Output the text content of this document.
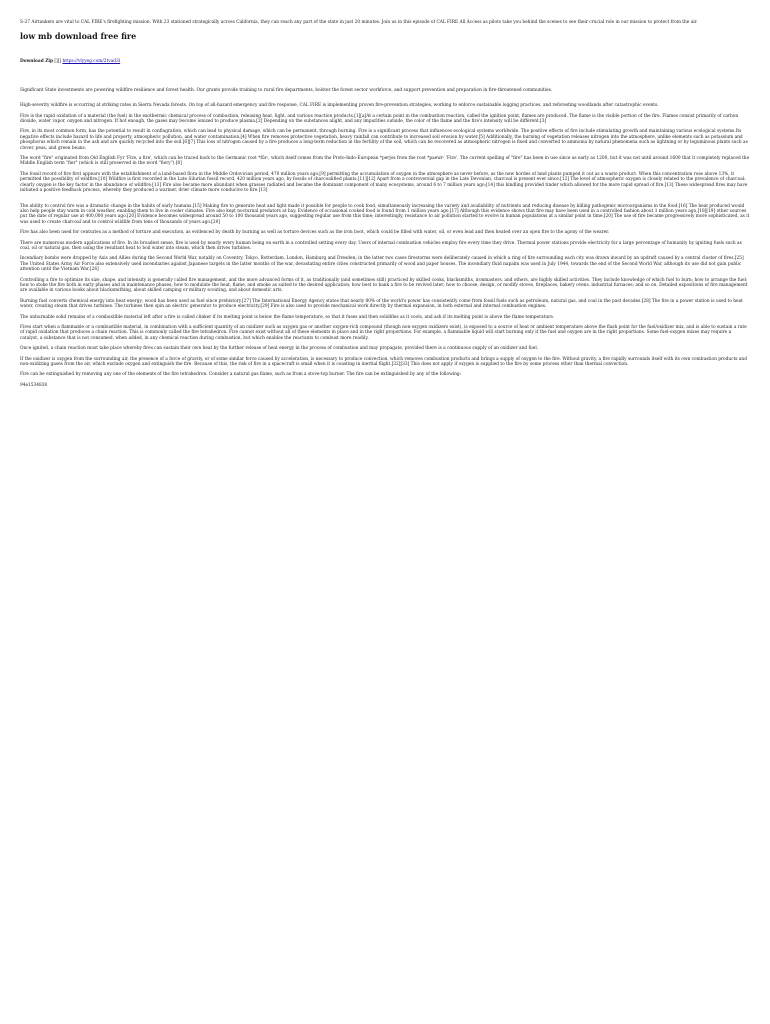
S-27 Airtankers are vital to CAL FIRE's firefighting mission. With 23 stationed strategically across California, they can reach any part of the state in just 20 minutes. Join us in this episode of CAL FIRE All Access as pilots take you behind the scenes to see their crucial role in our mission to protect from the air.

low mb download free fire
Download Zip [][] https://vlyyeg.com/2tvad3l

Significant State investments are powering wildfire resilience and forest health. Our grants provide training to rural fire departments, bolster the forest sector workforce, and support prevention and preparation in fire-threatened communities.

High-severity wildfire is occurring at striking rates in Sierra Nevada forests. On top of all-hazard emergency and fire response, CAL FIRE is implementing proven fire-prevention strategies, working to enforce sustainable logging practices, and reforesting woodlands after catastrophic events.

Fire is the rapid oxidation of a material (the fuel) in the exothermic chemical process of combustion, releasing heat, light, and various reaction products.[1][a]At a certain point in the combustion reaction, called the ignition point, flames are produced. The flame is the visible portion of the fire. Flames consist primarily of carbon dioxide, water vapor, oxygen and nitrogen. If hot enough, the gases may become ionized to produce plasma.[2] Depending on the substances alight, and any impurities outside, the color of the flame and the fire's intensity will be different.[3]

Fire, in its most common form, has the potential to result in conflagration, which can lead to physical damage, which can be permanent, through burning. Fire is a significant process that influences ecological systems worldwide. The positive effects of fire include stimulating growth and maintaining various ecological systems.Its negative effects include hazard to life and property, atmospheric pollution, and water contamination.[4] When fire removes protective vegetation, heavy rainfall can contribute to increased soil erosion by water.[5] Additionally, the burning of vegetation releases nitrogen into the atmosphere, unlike elements such as potassium and phosphorus which remain in the ash and are quickly recycled into the soil.[6][7] This loss of nitrogen caused by a fire produces a long-term reduction in the fertility of the soil, which can be recovered as atmospheric nitrogen is fixed and converted to ammonia by natural phenomena such as lightning or by leguminous plants such as clover, peas, and green beans.

The word "fire" originated from Old English Fyr 'Fire, a fire', which can be traced back to the Germanic root *fūr-, which itself comes from the Proto-Indo-European *perjos from the root *paewr- 'Fire'. The current spelling of "fire" has been in use since as early as 1200, but it was not until around 1600 that it completely replaced the Middle English term "fier" (which is still preserved in the word "fiery").[8]

The fossil record of fire first appears with the establishment of a land-based flora in the Middle Ordovician period, 470 million years ago,[9] permitting the accumulation of oxygen in the atmosphere as never before, as the new hordes of land plants pumped it out as a waste product. When this concentration rose above 13%, it permitted the possibility of wildfire.[10] Wildfire is first recorded in the Late Silurian fossil record, 420 million years ago, by fossils of charcoalified plants.[11][12] Apart from a controversial gap in the Late Devonian, charcoal is present ever since.[12] The level of atmospheric oxygen is closely related to the prevalence of charcoal: clearly oxygen is the key factor in the abundance of wildfire.[13] Fire also became more abundant when grasses radiated and became the dominant component of many ecosystems, around 6 to 7 million years ago;[14] this kindling provided tinder which allowed for the more rapid spread of fire.[13] These widespread fires may have initiated a positive feedback process, whereby they produced a warmer, drier climate more conducive to fire.[13]

The ability to control fire was a dramatic change in the habits of early humans.[15] Making fire to generate heat and light made it possible for people to cook food, simultaneously increasing the variety and availability of nutrients and reducing disease by killing pathogenic microorganisms in the food.[16] The heat produced would also help people stay warm in cold weather, enabling them to live in cooler climates. Fire also kept nocturnal predators at bay. Evidence of occasional cooked food is found from 1 million years ago.[17] Although this evidence shows that fire may have been used in a controlled fashion about 1 million years ago,[18][19] other sources put the date of regular use at 400,000 years ago.[20] Evidence becomes widespread around 50 to 100 thousand years ago, suggesting regular use from this time; interestingly, resistance to air pollution started to evolve in human populations at a similar point in time.[20] The use of fire became progressively more sophisticated, as it was used to create charcoal and to control wildlife from tens of thousands of years ago.[20]

Fire has also been used for centuries as a method of torture and execution, as evidenced by death by burning as well as torture devices such as the iron boot, which could be filled with water, oil, or even lead and then heated over an open fire to the agony of the wearer.

There are numerous modern applications of fire. In its broadest sense, fire is used by nearly every human being on earth in a controlled setting every day. Users of internal combustion vehicles employ fire every time they drive. Thermal power stations provide electricity for a large percentage of humanity by igniting fuels such as coal, oil or natural gas, then using the resultant heat to boil water into steam, which then drives turbines.

Incendiary bombs were dropped by Axis and Allies during the Second World War, notably on Coventry, Tokyo, Rotterdam, London, Hamburg and Dresden; in the latter two cases firestorms were deliberately caused in which a ring of fire surrounding each city was drawn inward by an updraft caused by a central cluster of fires.[25] The United States Army Air Force also extensively used incendiaries against Japanese targets in the latter months of the war, devastating entire cities constructed primarily of wood and paper houses. The incendiary fluid napalm was used in July 1944, towards the end of the Second World War, although its use did not gain public attention until the Vietnam War.[26]

Controlling a fire to optimize its size, shape, and intensity is generally called fire management, and the more advanced forms of it, as traditionally (and sometimes still) practiced by skilled cooks, blacksmiths, ironmasters, and others, are highly skilled activities. They include knowledge of which fuel to burn; how to arrange the fuel; how to stoke the fire both in early phases and in maintenance phases; how to modulate the heat, flame, and smoke as suited to the desired application; how best to bank a fire to be revived later; how to choose, design, or modify stoves, fireplaces, bakery ovens, industrial furnaces; and so on. Detailed expositions of fire management are available in various books about blacksmithing, about skilled camping or military scouting, and about domestic arts.

Burning fuel converts chemical energy into heat energy; wood has been used as fuel since prehistory.[27] The International Energy Agency states that nearly 80% of the world's power has consistently come from fossil fuels such as petroleum, natural gas, and coal in the past decades.[28] The fire in a power station is used to heat water, creating steam that drives turbines. The turbines then spin an electric generator to produce electricity.[29] Fire is also used to provide mechanical work directly by thermal expansion, in both external and internal combustion engines.

The unburnable solid remains of a combustible material left after a fire is called clinker if its melting point is below the flame temperature, so that it fuses and then solidifies as it cools, and ash if its melting point is above the flame temperature.

Fires start when a flammable or a combustible material, in combination with a sufficient quantity of an oxidizer such as oxygen gas or another oxygen-rich compound (though non-oxygen oxidizers exist), is exposed to a source of heat or ambient temperature above the flash point for the fuel/oxidizer mix, and is able to sustain a rate of rapid oxidation that produces a chain reaction. This is commonly called the fire tetrahedron. Fire cannot exist without all of these elements in place and in the right proportions. For example, a flammable liquid will start burning only if the fuel and oxygen are in the right proportions. Some fuel-oxygen mixes may require a catalyst, a substance that is not consumed, when added, in any chemical reaction during combustion, but which enables the reactants to combust more readily.

Once ignited, a chain reaction must take place whereby fires can sustain their own heat by the further release of heat energy in the process of combustion and may propagate, provided there is a continuous supply of an oxidizer and fuel.

If the oxidizer is oxygen from the surrounding air, the presence of a force of gravity, or of some similar force caused by acceleration, is necessary to produce convection, which removes combustion products and brings a supply of oxygen to the fire. Without gravity, a fire rapidly surrounds itself with its own combustion products and non-oxidizing gases from the air, which exclude oxygen and extinguish the fire. Because of this, the risk of fire in a spacecraft is small when it is coasting in inertial flight.[32][33] This does not apply if oxygen is supplied to the fire by some process other than thermal convection.

Fire can be extinguished by removing any one of the elements of the fire tetrahedron. Consider a natural gas flame, such as from a stove-top burner. The fire can be extinguished by any of the following:

94e1534838
